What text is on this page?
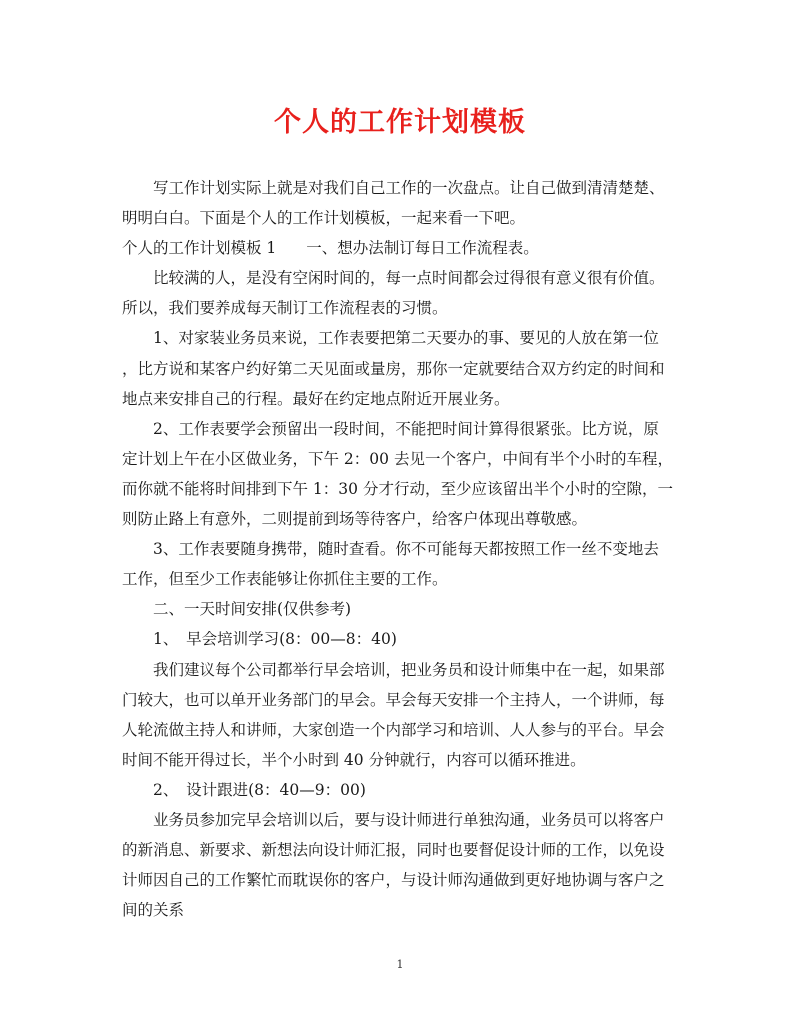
个人的工作计划模板
写工作计划实际上就是对我们自己工作的一次盘点。让自己做到清清楚楚、
明明白白。下面是个人的工作计划模板，一起来看一下吧。
个人的工作计划模板 1 一、想办法制订每日工作流程表。
比较满的人，是没有空闲时间的，每一点时间都会过得很有意义很有价值。
所以，我们要养成每天制订工作流程表的习惯。
1、对家装业务员来说，工作表要把第二天要办的事、要见的人放在第一位
，比方说和某客户约好第二天见面或量房，那你一定就要结合双方约定的时间和
地点来安排自己的行程。最好在约定地点附近开展业务。
2、工作表要学会预留出一段时间，不能把时间计算得很紧张。比方说，原
定计划上午在小区做业务，下午 2：00 去见一个客户，中间有半个小时的车程，
而你就不能将时间排到下午 1：30 分才行动，至少应该留出半个小时的空隙，一
则防止路上有意外，二则提前到场等待客户，给客户体现出尊敬感。
3、工作表要随身携带，随时查看。你不可能每天都按照工作一丝不变地去
工作，但至少工作表能够让你抓住主要的工作。
二、一天时间安排(仅供参考)
1、　早会培训学习(8：00—8：40)
我们建议每个公司都举行早会培训，把业务员和设计师集中在一起，如果部
门较大，也可以单开业务部门的早会。早会每天安排一个主持人，一个讲师，每
人轮流做主持人和讲师，大家创造一个内部学习和培训、人人参与的平台。早会
时间不能开得过长，半个小时到 40 分钟就行，内容可以循环推进。
2、　设计跟进(8：40—9：00)
业务员参加完早会培训以后，要与设计师进行单独沟通，业务员可以将客户
的新消息、新要求、新想法向设计师汇报，同时也要督促设计师的工作，以免设
计师因自己的工作繁忙而耽误你的客户，与设计师沟通做到更好地协调与客户之
间的关系
1
